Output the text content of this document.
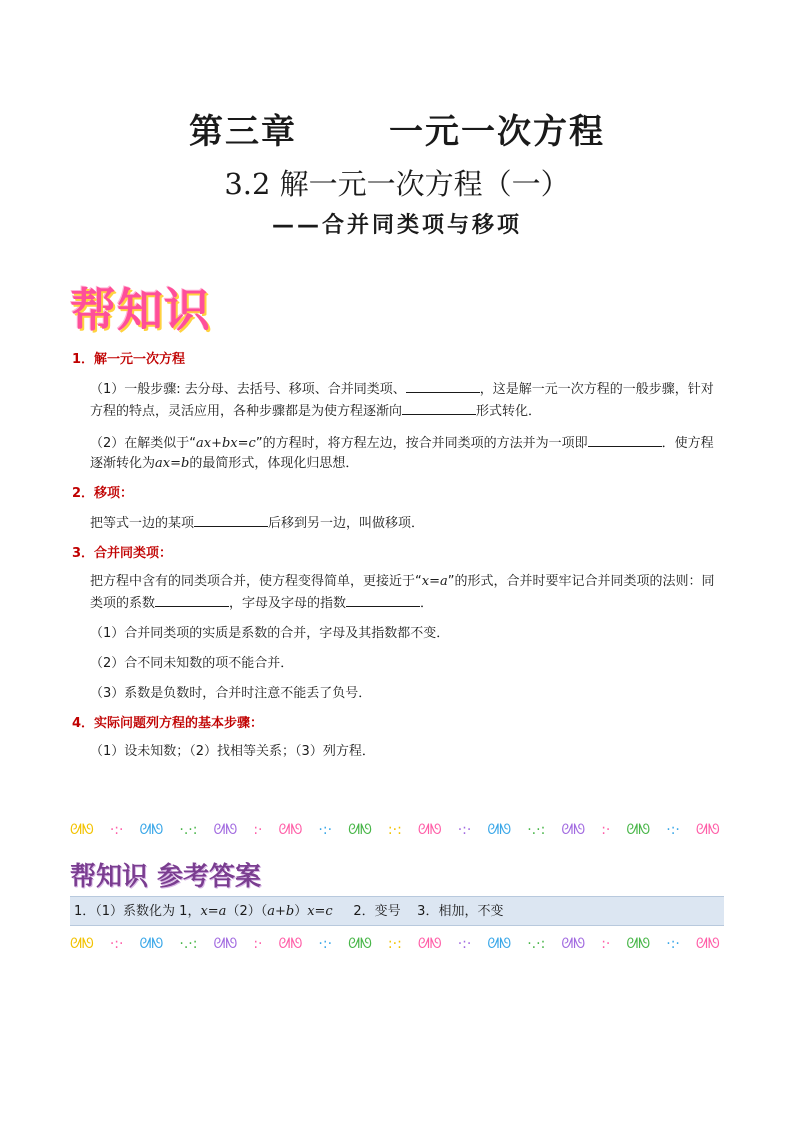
第三章	一元一次方程
3.2 解一元一次方程（一）
——合并同类项与移项
帮知识
1．解一元一次方程
（1）一般步骤: 去分母、去括号、移项、合并同类项、	，这是解一元一次方程的一般步骤，针对方程的特点，灵活应用，各种步骤都是为使方程逐渐向	形式转化．
（2）在解类似于“ax+bx=c”的方程时，将方程左边，按合并同类项的方法并为一项即	．使方程逐渐转化为ax=b的最简形式，体现化归思想．
2．移项：
把等式一边的某项	后移到另一边，叫做移项．
3．合并同类项：
把方程中含有的同类项合并，使方程变得简单，更接近于“x=a”的形式，合并时要牢记合并同类项的法则：同类项的系数	，字母及字母的指数	．
（1）合并同类项的实质是系数的合并，字母及其指数都不变．
（2）合不同未知数的项不能合并．
（3）系数是负数时，合并时注意不能丢了负号．
4．实际问题列方程的基本步骤：
（1）设未知数；（2）找相等关系；（3）列方程．
ᘛᘚ ·:· ᘛᘚ ·.·: ᘛᘚ :· ᘛᘚ ·:· ᘛᘚ :·: ᘛᘚ ·:· ᘛᘚ ·.·: ᘛᘚ :· ᘛᘚ ·:· ᘛᘚ
帮知识 参考答案
1．（1）系数化为 1，x=a（2）（a+b）x=c     2．变号    3．相加，不变
ᘛᘚ ·:· ᘛᘚ ·.·: ᘛᘚ :· ᘛᘚ ·:· ᘛᘚ :·: ᘛᘚ ·:· ᘛᘚ ·.·: ᘛᘚ :· ᘛᘚ ·:· ᘛᘚ
